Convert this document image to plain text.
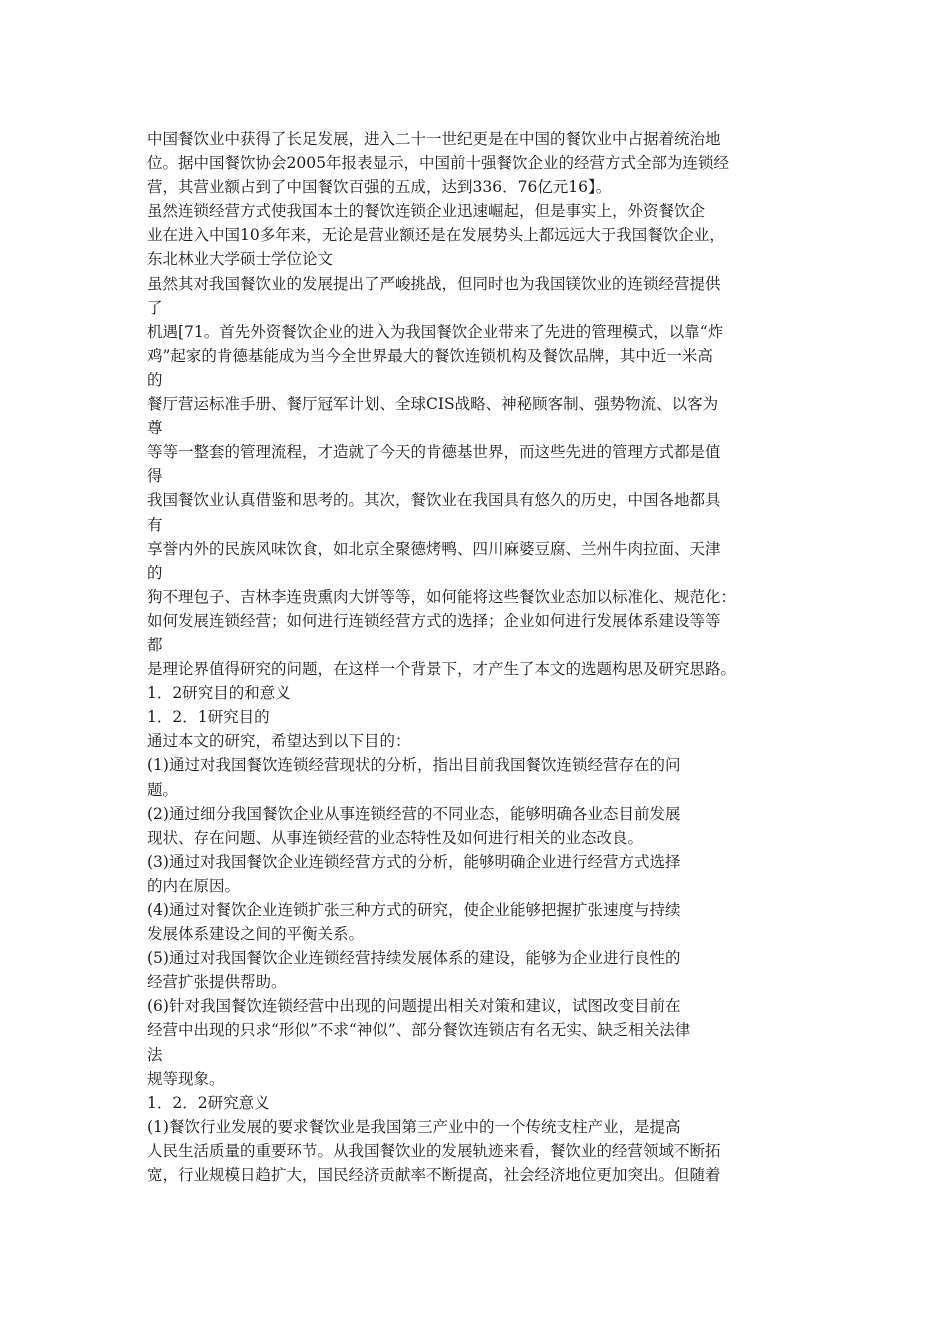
中国餐饮业中获得了长足发展，进入二十一世纪更是在中国的餐饮业中占据着统治地
位。据中国餐饮协会2005年报表显示，中国前十强餐饮企业的经营方式全部为连锁经
营，其营业额占到了中国餐饮百强的五成，达到336．76亿元16】。
虽然连锁经营方式使我国本土的餐饮连锁企业迅速崛起，但是事实上，外资餐饮企
业在进入中国10多年来，无论是营业额还是在发展势头上都远远大于我国餐饮企业，
东北林业大学硕士学位论文
虽然其对我国餐饮业的发展提出了严峻挑战，但同时也为我国镁饮业的连锁经营提供
了
机遇[71。首先外资餐饮企业的进入为我国餐饮企业带来了先进的管理模式，以靠“炸
鸡”起家的肯德基能成为当今全世界最大的餐饮连锁机构及餐饮品牌，其中近一米高
的
餐厅营运标准手册、餐厅冠军计划、全球CIS战略、神秘顾客制、强势物流、以客为
尊
等等一整套的管理流程，才造就了今天的肯德基世界，而这些先进的管理方式都是值
得
我国餐饮业认真借鉴和思考的。其次，餐饮业在我国具有悠久的历史，中国各地都具
有
享誉内外的民族风味饮食，如北京全聚德烤鸭、四川麻婆豆腐、兰州牛肉拉面、天津
的
狗不理包子、吉林李连贵熏肉大饼等等，如何能将这些餐饮业态加以标准化、规范化：
如何发展连锁经营；如何进行连锁经营方式的选择；企业如何进行发展体系建设等等
都
是理论界值得研究的问题，在这样一个背景下，才产生了本文的选题构思及研究思路。
1．2研究目的和意义
1．2．1研究目的
通过本文的研究，希望达到以下目的：
(1)通过对我国餐饮连锁经营现状的分析，指出目前我国餐饮连锁经营存在的问
题。
(2)通过细分我国餐饮企业从事连锁经营的不同业态，能够明确各业态目前发展
现状、存在问题、从事连锁经营的业态特性及如何进行相关的业态改良。
(3)通过对我国餐饮企业连锁经营方式的分析，能够明确企业进行经营方式选择
的内在原因。
(4)通过对餐饮企业连锁扩张三种方式的研究，使企业能够把握扩张速度与持续
发展体系建设之间的平衡关系。
(5)通过对我国餐饮企业连锁经营持续发展体系的建设，能够为企业进行良性的
经营扩张提供帮助。
(6)针对我国餐饮连锁经营中出现的问题提出相关对策和建议，试图改变目前在
经营中出现的只求“形似”不求“神似”、部分餐饮连锁店有名无实、缺乏相关法律
法
规等现象。
1．2．2研究意义
(1)餐饮行业发展的要求餐饮业是我国第三产业中的一个传统支柱产业，是提高
人民生活质量的重要环节。从我国餐饮业的发展轨迹来看，餐饮业的经营领域不断拓
宽，行业规模日趋扩大，国民经济贡献率不断提高，社会经济地位更加突出。但随着
